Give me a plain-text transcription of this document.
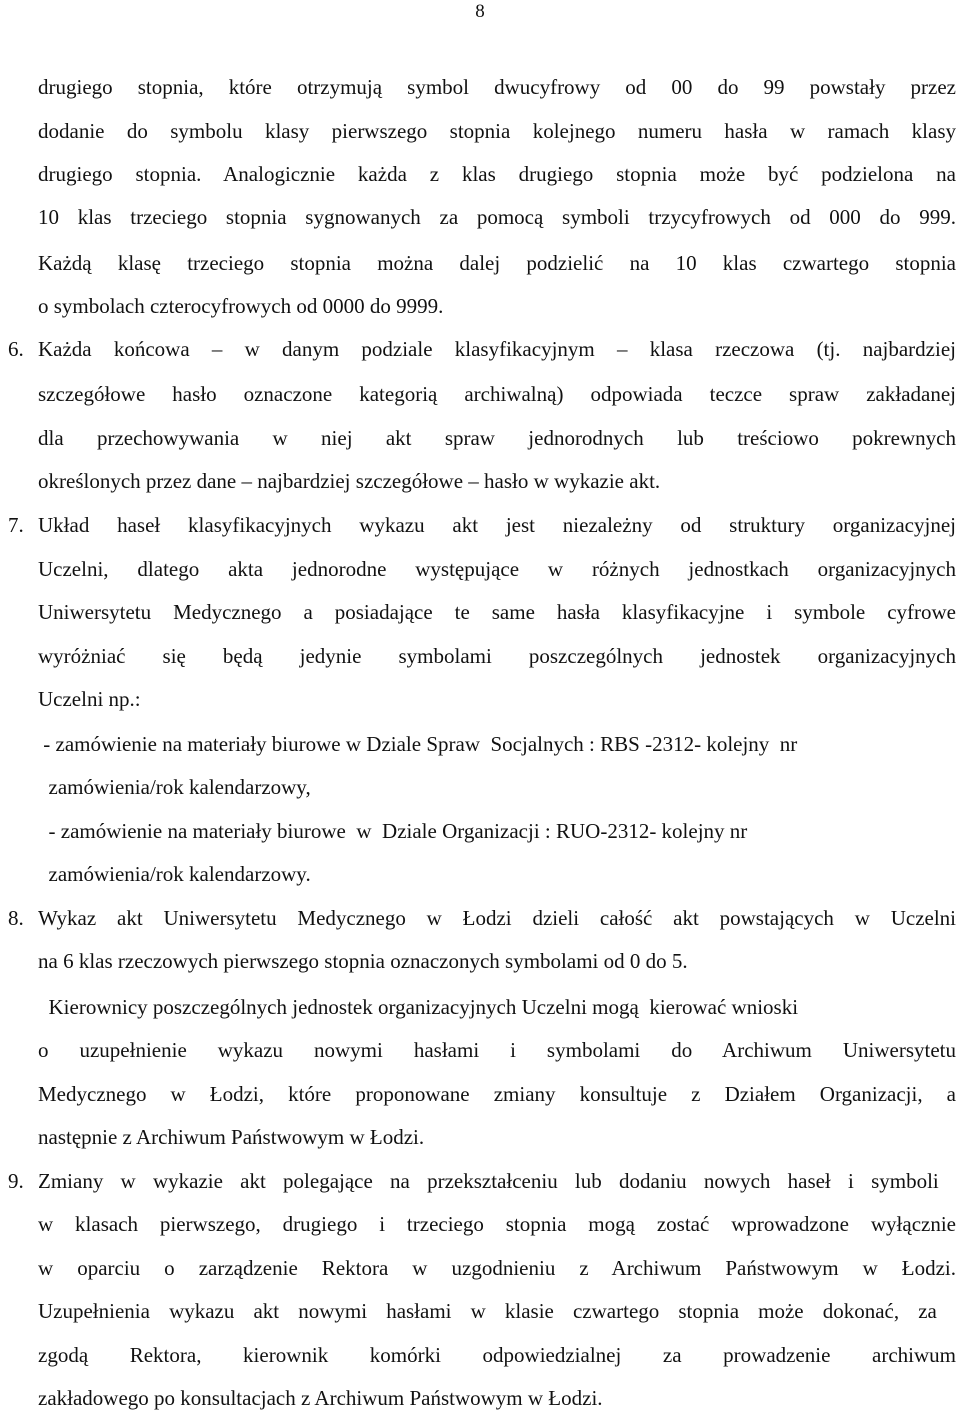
8
drugiego stopnia, które otrzymują symbol dwucyfrowy od 00 do 99 powstały przez
dodanie do symbolu klasy pierwszego stopnia kolejnego numeru hasła w ramach klasy
drugiego stopnia. Analogicznie każda z klas drugiego stopnia może być podzielona na
10 klas trzeciego stopnia sygnowanych za pomocą symboli trzycyfrowych od 000 do 999.
Każdą klasę trzeciego stopnia można dalej podzielić na 10 klas czwartego stopnia
o symbolach czterocyfrowych od 0000 do 9999.
6. Każda końcowa – w danym podziale klasyfikacyjnym – klasa rzeczowa (tj. najbardziej
szczegółowe hasło oznaczone kategorią archiwalną) odpowiada teczce spraw zakładanej
dla przechowywania w niej akt spraw jednorodnych lub treściowo pokrewnych
określonych przez dane – najbardziej szczegółowe – hasło w wykazie akt.
7. Układ haseł klasyfikacyjnych wykazu akt jest niezależny od struktury organizacyjnej
Uczelni, dlatego akta jednorodne występujące w różnych jednostkach organizacyjnych
Uniwersytetu Medycznego a posiadające te same hasła klasyfikacyjne i symbole cyfrowe
wyróżniać się będą jedynie symbolami poszczególnych jednostek organizacyjnych
Uczelni np.:
- zamówienie na materiały biurowe w Dziale Spraw  Socjalnych : RBS -2312- kolejny  nr
zamówienia/rok kalendarzowy,
- zamówienie na materiały biurowe  w  Dziale Organizacji : RUO-2312- kolejny nr
zamówienia/rok kalendarzowy.
8. Wykaz akt Uniwersytetu Medycznego w Łodzi dzieli całość akt powstających w Uczelni
na 6 klas rzeczowych pierwszego stopnia oznaczonych symbolami od 0 do 5.
Kierownicy poszczególnych jednostek organizacyjnych Uczelni mogą  kierować wnioski
o uzupełnienie wykazu nowymi hasłami i symbolami do Archiwum Uniwersytetu
Medycznego w Łodzi, które proponowane zmiany konsultuje z Działem Organizacji, a
następnie z Archiwum Państwowym w Łodzi.
9. Zmiany w wykazie akt polegające na przekształceniu lub dodaniu nowych haseł i symboli
w klasach pierwszego, drugiego i trzeciego stopnia mogą zostać wprowadzone wyłącznie
w oparciu o zarządzenie Rektora w uzgodnieniu z Archiwum Państwowym w Łodzi.
Uzupełnienia wykazu akt nowymi hasłami w klasie czwartego stopnia może dokonać, za
zgodą Rektora, kierownik komórki odpowiedzialnej za prowadzenie archiwum
zakładowego po konsultacjach z Archiwum Państwowym w Łodzi.
